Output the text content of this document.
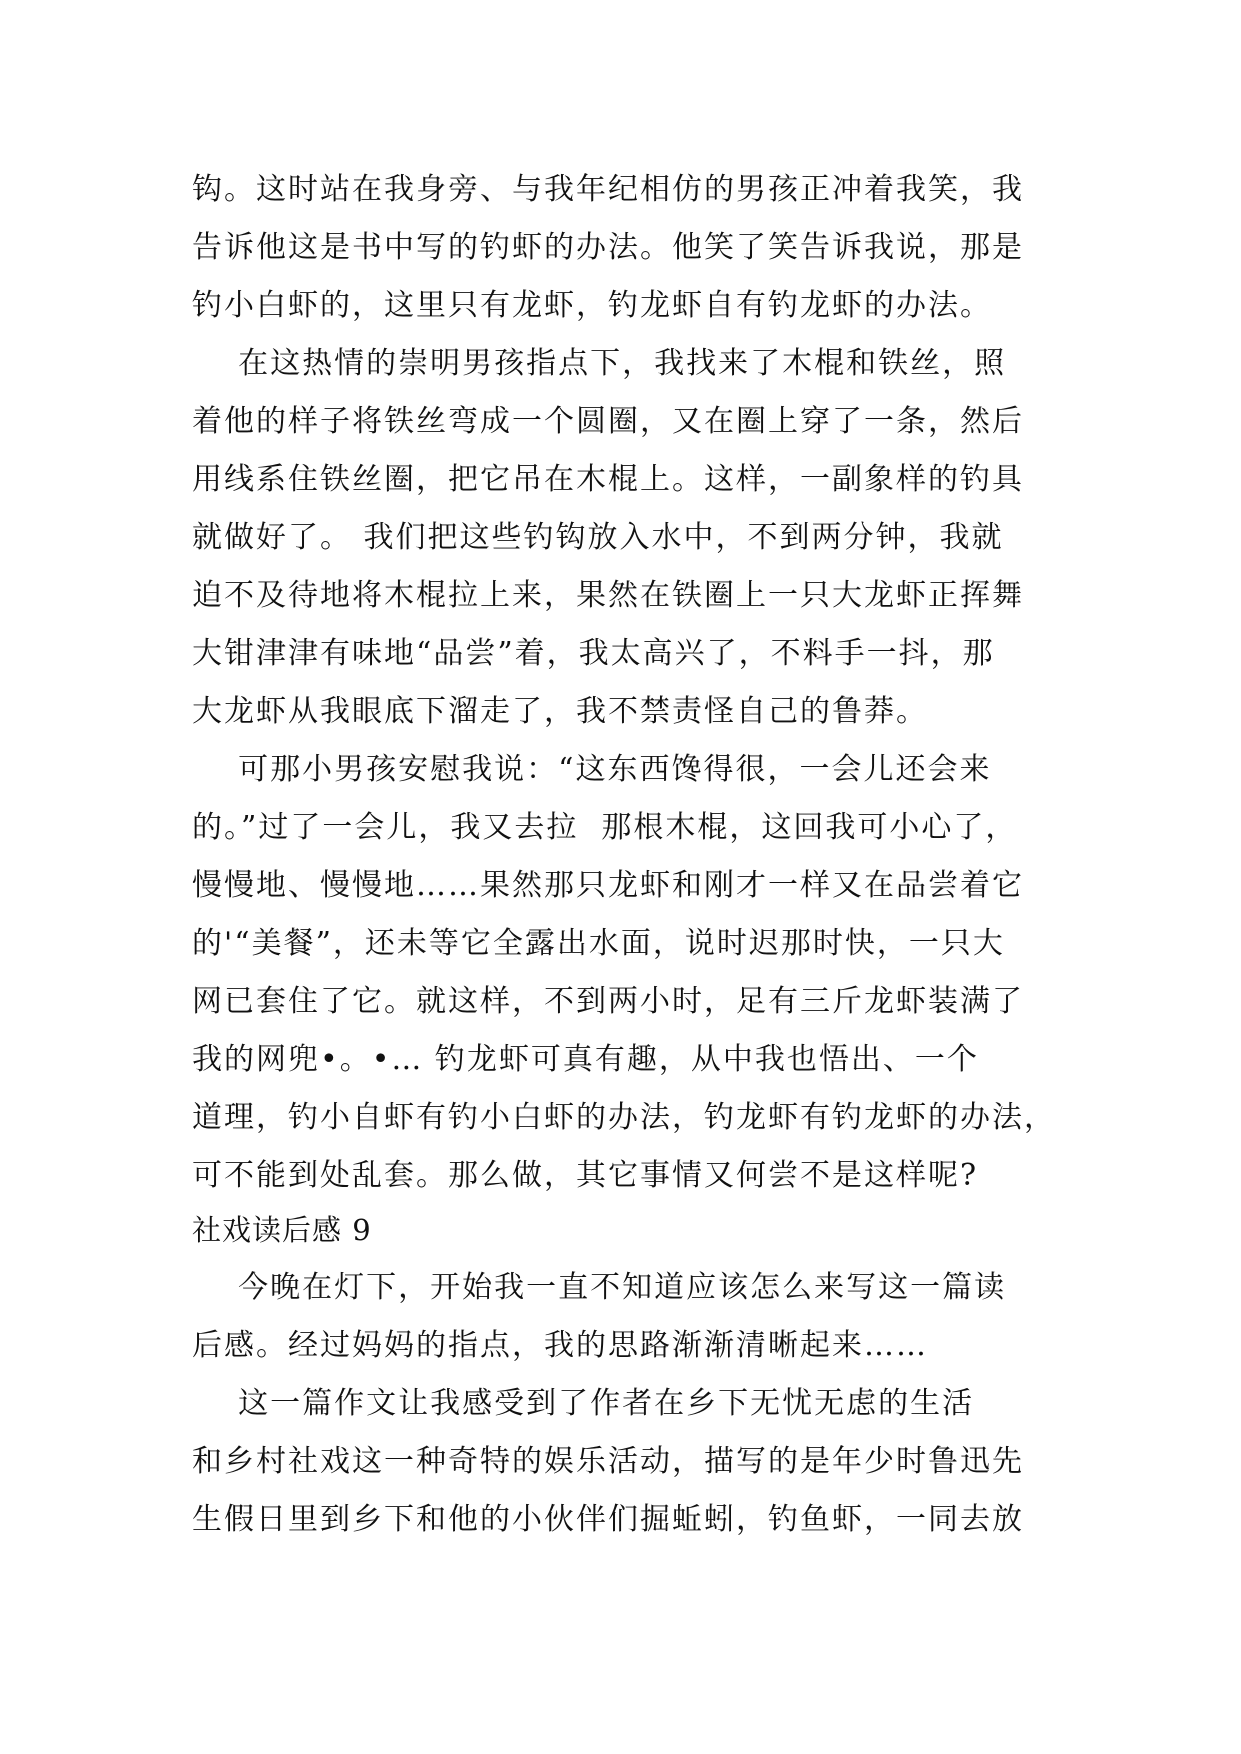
钩。这时站在我身旁、与我年纪相仿的男孩正冲着我笑，我
告诉他这是书中写的钓虾的办法。他笑了笑告诉我说，那是
钓小白虾的，这里只有龙虾，钓龙虾自有钓龙虾的办法。
在这热情的崇明男孩指点下，我找来了木棍和铁丝，照
着他的样子将铁丝弯成一个圆圈，又在圈上穿了一条，然后
用线系住铁丝圈，把它吊在木棍上。这样，一副象样的钓具
就做好了。 我们把这些钓钩放入水中，不到两分钟，我就
迫不及待地将木棍拉上来，果然在铁圈上一只大龙虾正挥舞
大钳津津有味地“品尝”着，我太高兴了，不料手一抖，那
大龙虾从我眼底下溜走了，我不禁责怪自己的鲁莽。
可那小男孩安慰我说：“这东西馋得很，一会儿还会来
的。”过了一会儿，我又去拉  那根木棍，这回我可小心了，
慢慢地、慢慢地……果然那只龙虾和刚才一样又在品尝着它
的'“美餐”，还未等它全露出水面，说时迟那时快，一只大
网已套住了它。就这样，不到两小时，足有三斤龙虾装满了
我的网兜•。•… 钓龙虾可真有趣，从中我也悟出、一个
道理，钓小自虾有钓小白虾的办法，钓龙虾有钓龙虾的办法，
可不能到处乱套。那么做，其它事情又何尝不是这样呢?
社戏读后感 9
今晚在灯下，开始我一直不知道应该怎么来写这一篇读
后感。经过妈妈的指点，我的思路渐渐清晰起来……
这一篇作文让我感受到了作者在乡下无忧无虑的生活
和乡村社戏这一种奇特的娱乐活动，描写的是年少时鲁迅先
生假日里到乡下和他的小伙伴们掘蚯蚓，钓鱼虾，一同去放
